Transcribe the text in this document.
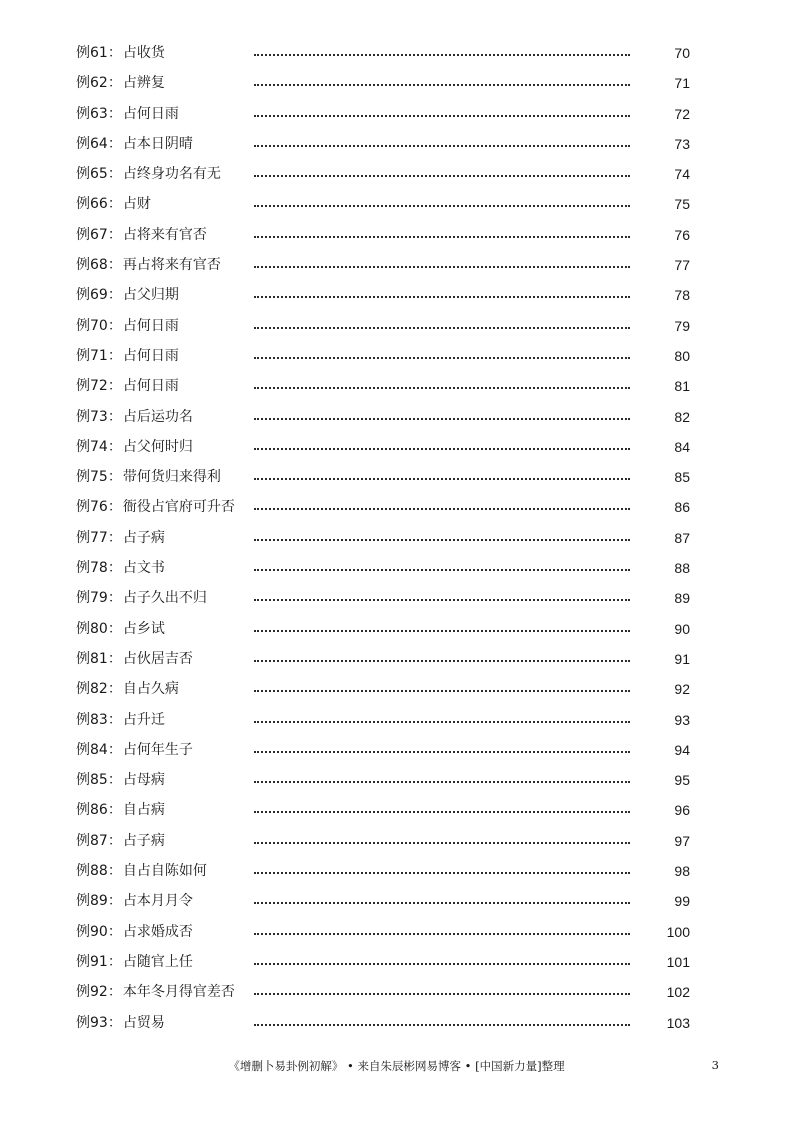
例61：占收货	70
例62：占辨复	71
例63：占何日雨	72
例64：占本日阴晴	73
例65：占终身功名有无	74
例66：占财	75
例67：占将来有官否	76
例68：再占将来有官否	77
例69：占父归期	78
例70：占何日雨	79
例71：占何日雨	80
例72：占何日雨	81
例73：占后运功名	82
例74：占父何时归	84
例75：带何货归来得利	85
例76：衙役占官府可升否	86
例77：占子病	87
例78：占文书	88
例79：占子久出不归	89
例80：占乡试	90
例81：占伙居吉否	91
例82：自占久病	92
例83：占升迁	93
例84：占何年生子	94
例85：占母病	95
例86：自占病	96
例87：占子病	97
例88：自占自陈如何	98
例89：占本月月令	99
例90：占求婚成否	100
例91：占随官上任	101
例92：本年冬月得官差否	102
例93：占贸易	103
《增删卜易卦例初解》 • 来自朱辰彬网易博客 • [中国新力量]整理	3
